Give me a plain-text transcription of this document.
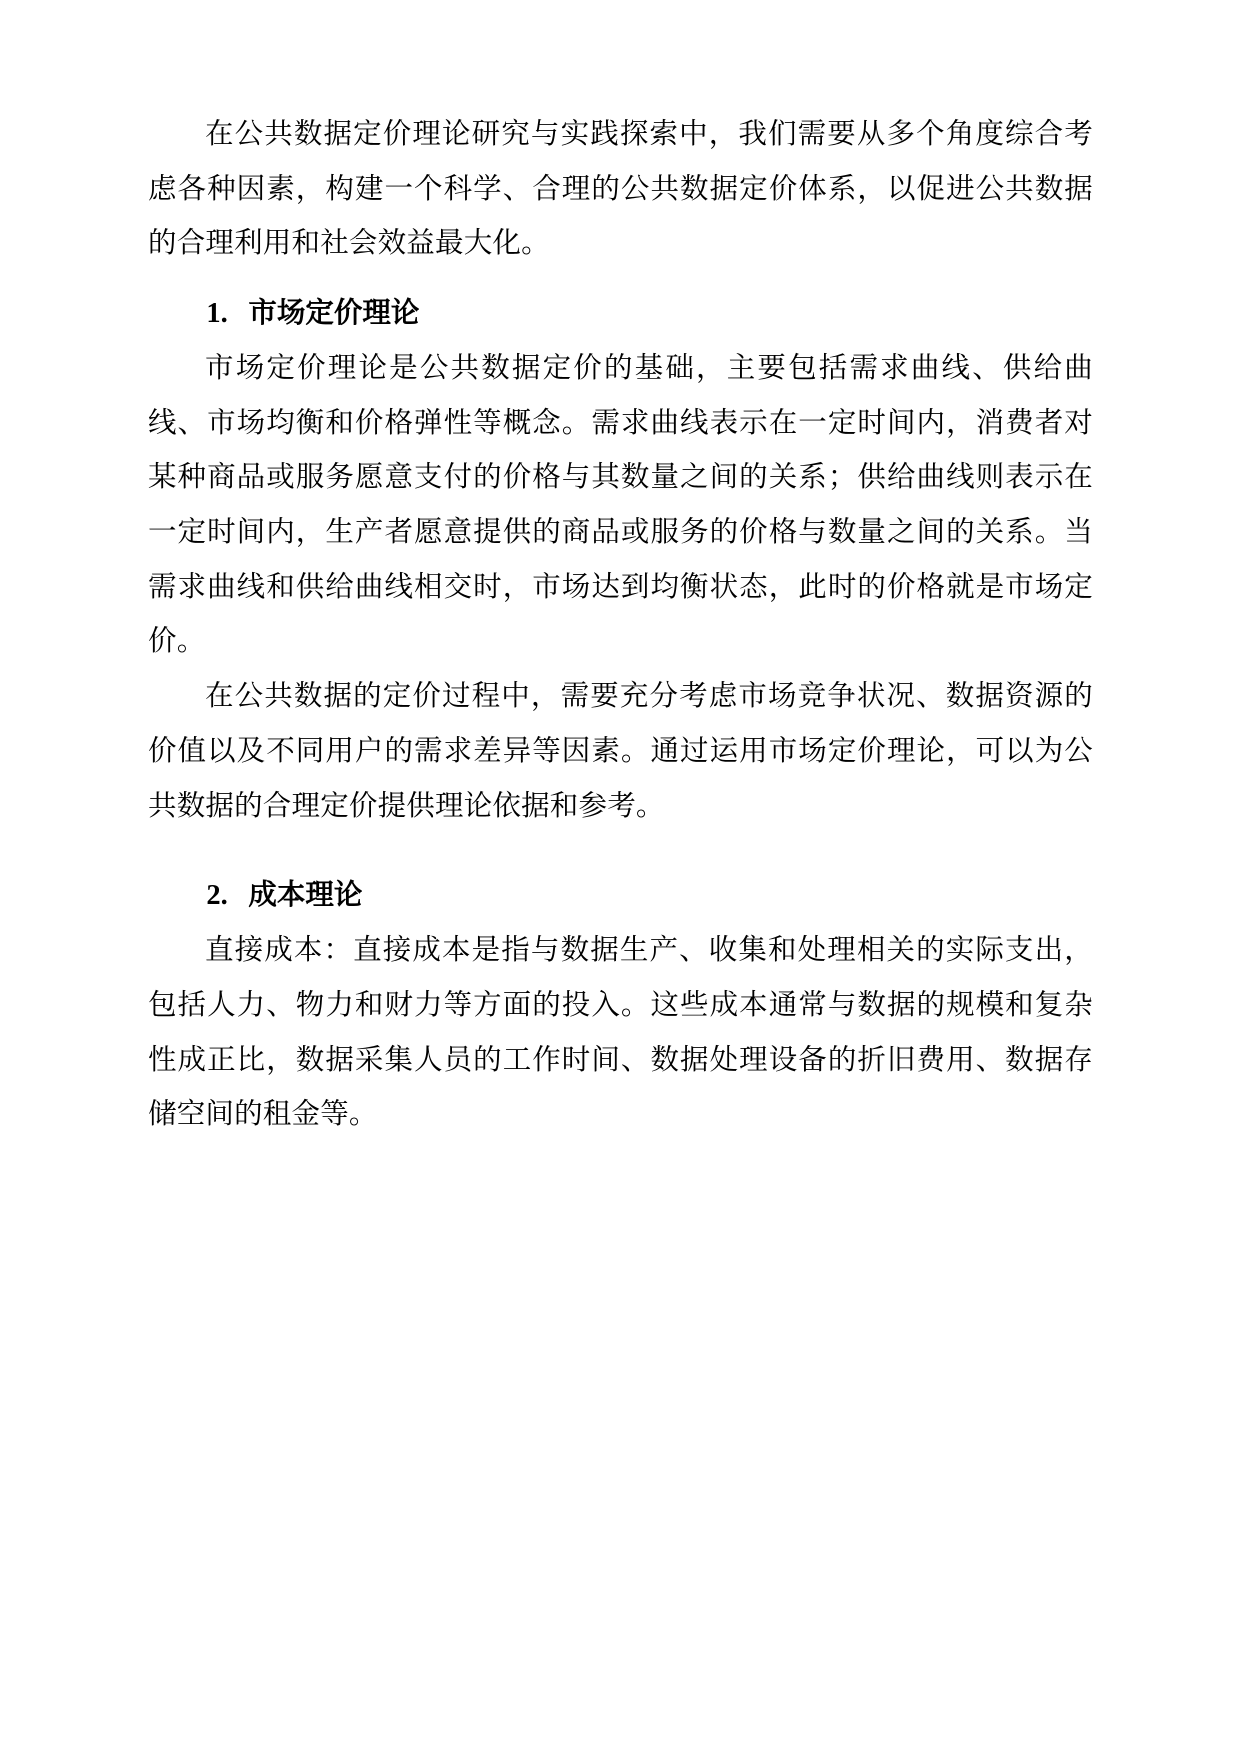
在公共数据定价理论研究与实践探索中，我们需要从多个角度综合考虑各种因素，构建一个科学、合理的公共数据定价体系，以促进公共数据的合理利用和社会效益最大化。

1. 市场定价理论

市场定价理论是公共数据定价的基础，主要包括需求曲线、供给曲线、市场均衡和价格弹性等概念。需求曲线表示在一定时间内，消费者对某种商品或服务愿意支付的价格与其数量之间的关系；供给曲线则表示在一定时间内，生产者愿意提供的商品或服务的价格与数量之间的关系。当需求曲线和供给曲线相交时，市场达到均衡状态，此时的价格就是市场定价。

在公共数据的定价过程中，需要充分考虑市场竞争状况、数据资源的价值以及不同用户的需求差异等因素。通过运用市场定价理论，可以为公共数据的合理定价提供理论依据和参考。

2. 成本理论

直接成本：直接成本是指与数据生产、收集和处理相关的实际支出，包括人力、物力和财力等方面的投入。这些成本通常与数据的规模和复杂性成正比，数据采集人员的工作时间、数据处理设备的折旧费用、数据存储空间的租金等。
